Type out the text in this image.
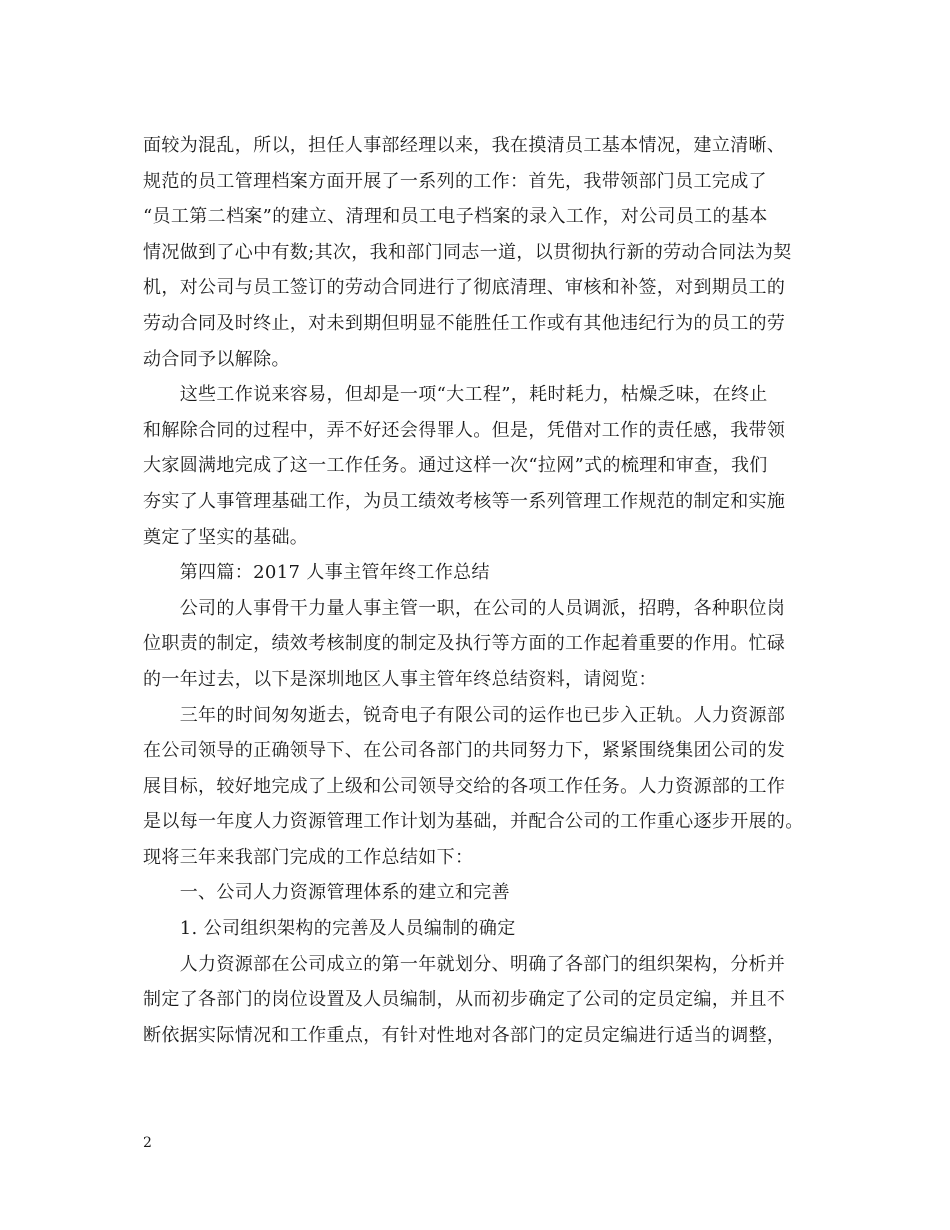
面较为混乱，所以，担任人事部经理以来，我在摸清员工基本情况，建立清晰、
规范的员工管理档案方面开展了一系列的工作：首先，我带领部门员工完成了
“员工第二档案”的建立、清理和员工电子档案的录入工作，对公司员工的基本
情况做到了心中有数;其次，我和部门同志一道，以贯彻执行新的劳动合同法为契
机，对公司与员工签订的劳动合同进行了彻底清理、审核和补签，对到期员工的
劳动合同及时终止，对未到期但明显不能胜任工作或有其他违纪行为的员工的劳
动合同予以解除。
　　这些工作说来容易，但却是一项“大工程”，耗时耗力，枯燥乏味，在终止
和解除合同的过程中，弄不好还会得罪人。但是，凭借对工作的责任感，我带领
大家圆满地完成了这一工作任务。通过这样一次“拉网”式的梳理和审查，我们
夯实了人事管理基础工作，为员工绩效考核等一系列管理工作规范的制定和实施
奠定了坚实的基础。
　　第四篇：2017 人事主管年终工作总结
　　公司的人事骨干力量人事主管一职，在公司的人员调派，招聘，各种职位岗
位职责的制定，绩效考核制度的制定及执行等方面的工作起着重要的作用。忙碌
的一年过去，以下是深圳地区人事主管年终总结资料，请阅览：
　　三年的时间匆匆逝去，锐奇电子有限公司的运作也已步入正轨。人力资源部
在公司领导的正确领导下、在公司各部门的共同努力下，紧紧围绕集团公司的发
展目标，较好地完成了上级和公司领导交给的各项工作任务。人力资源部的工作
是以每一年度人力资源管理工作计划为基础，并配合公司的工作重心逐步开展的。
现将三年来我部门完成的工作总结如下：
　　一、公司人力资源管理体系的建立和完善
　　1. 公司组织架构的完善及人员编制的确定
　　人力资源部在公司成立的第一年就划分、明确了各部门的组织架构，分析并
制定了各部门的岗位设置及人员编制，从而初步确定了公司的定员定编，并且不
断依据实际情况和工作重点，有针对性地对各部门的定员定编进行适当的调整，
2
